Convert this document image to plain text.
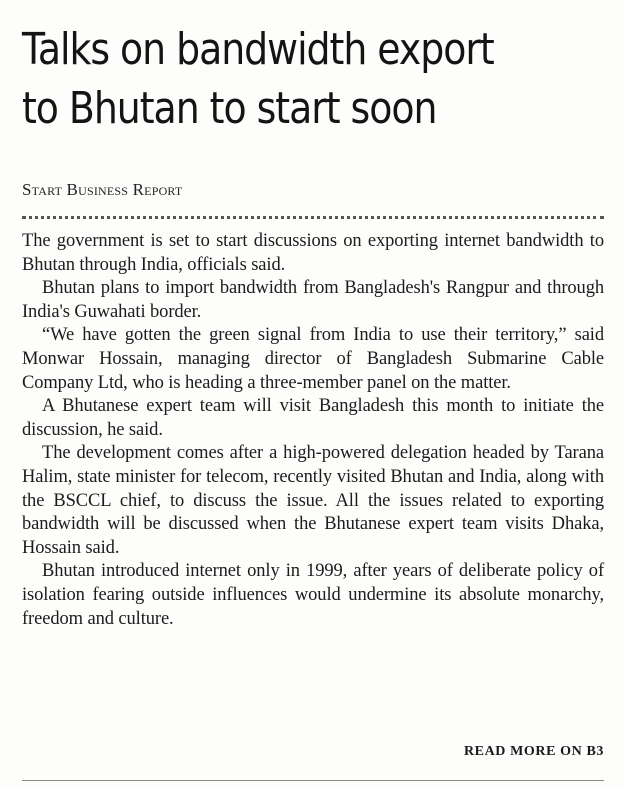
Talks on bandwidth export
to Bhutan to start soon
Start Business Report

The government is set to start discussions on exporting internet bandwidth to Bhutan through India, officials said.

Bhutan plans to import bandwidth from Bangladesh's Rangpur and through India's Guwahati border.

“We have gotten the green signal from India to use their territory,” said Monwar Hossain, managing director of Bangladesh Submarine Cable Company Ltd, who is heading a three-member panel on the matter.

A Bhutanese expert team will visit Bangladesh this month to initiate the discussion, he said.

The development comes after a high-powered delegation headed by Tarana Halim, state minister for telecom, recently visited Bhutan and India, along with the BSCCL chief, to discuss the issue. All the issues related to exporting bandwidth will be discussed when the Bhutanese expert team visits Dhaka, Hossain said.

Bhutan introduced internet only in 1999, after years of deliberate policy of isolation fearing outside influences would undermine its absolute monarchy, freedom and culture.

READ MORE ON B3
